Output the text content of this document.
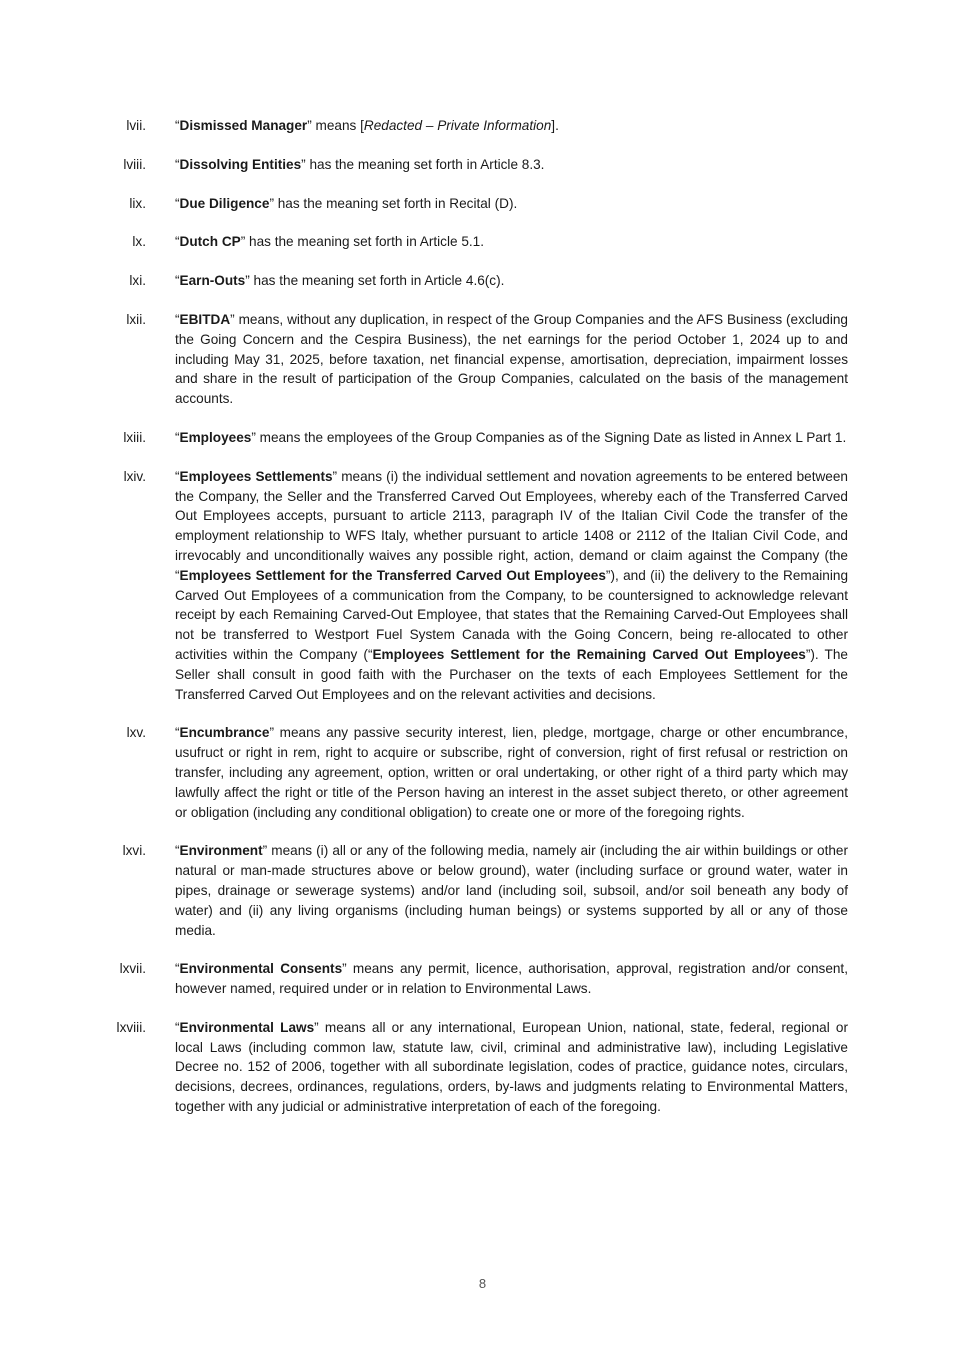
lvii. “Dismissed Manager” means [Redacted – Private Information].
lviii. “Dissolving Entities” has the meaning set forth in Article 8.3.
lix. “Due Diligence” has the meaning set forth in Recital (D).
lx. “Dutch CP” has the meaning set forth in Article 5.1.
lxi. “Earn-Outs” has the meaning set forth in Article 4.6(c).
lxii. “EBITDA” means, without any duplication, in respect of the Group Companies and the AFS Business (excluding the Going Concern and the Cespira Business), the net earnings for the period October 1, 2024 up to and including May 31, 2025, before taxation, net financial expense, amortisation, depreciation, impairment losses and share in the result of participation of the Group Companies, calculated on the basis of the management accounts.
lxiii. “Employees” means the employees of the Group Companies as of the Signing Date as listed in Annex L Part 1.
lxiv. “Employees Settlements” means (i) the individual settlement and novation agreements to be entered between the Company, the Seller and the Transferred Carved Out Employees, whereby each of the Transferred Carved Out Employees accepts, pursuant to article 2113, paragraph IV of the Italian Civil Code the transfer of the employment relationship to WFS Italy, whether pursuant to article 1408 or 2112 of the Italian Civil Code, and irrevocably and unconditionally waives any possible right, action, demand or claim against the Company (the “Employees Settlement for the Transferred Carved Out Employees”), and (ii) the delivery to the Remaining Carved Out Employees of a communication from the Company, to be countersigned to acknowledge relevant receipt by each Remaining Carved-Out Employee, that states that the Remaining Carved-Out Employees shall not be transferred to Westport Fuel System Canada with the Going Concern, being re-allocated to other activities within the Company (“Employees Settlement for the Remaining Carved Out Employees”). The Seller shall consult in good faith with the Purchaser on the texts of each Employees Settlement for the Transferred Carved Out Employees and on the relevant activities and decisions.
lxv. “Encumbrance” means any passive security interest, lien, pledge, mortgage, charge or other encumbrance, usufruct or right in rem, right to acquire or subscribe, right of conversion, right of first refusal or restriction on transfer, including any agreement, option, written or oral undertaking, or other right of a third party which may lawfully affect the right or title of the Person having an interest in the asset subject thereto, or other agreement or obligation (including any conditional obligation) to create one or more of the foregoing rights.
lxvi. “Environment” means (i) all or any of the following media, namely air (including the air within buildings or other natural or man-made structures above or below ground), water (including surface or ground water, water in pipes, drainage or sewerage systems) and/or land (including soil, subsoil, and/or soil beneath any body of water) and (ii) any living organisms (including human beings) or systems supported by all or any of those media.
lxvii. “Environmental Consents” means any permit, licence, authorisation, approval, registration and/or consent, however named, required under or in relation to Environmental Laws.
lxviii. “Environmental Laws” means all or any international, European Union, national, state, federal, regional or local Laws (including common law, statute law, civil, criminal and administrative law), including Legislative Decree no. 152 of 2006, together with all subordinate legislation, codes of practice, guidance notes, circulars, decisions, decrees, ordinances, regulations, orders, by-laws and judgments relating to Environmental Matters, together with any judicial or administrative interpretation of each of the foregoing.
8
